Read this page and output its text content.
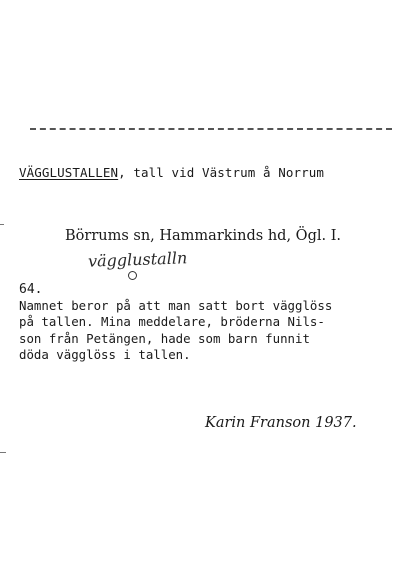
VÄGGLUSTALLEN, tall vid Västrum å Norrum
Börrums sn, Hammarkinds hd, Ögl. I.
vägglustalln
64.
Namnet beror på att man satt bort vägglöss
på tallen. Mina meddelare, bröderna Nils-
son från Petängen, hade som barn funnit
döda vägglöss i tallen.
Karin Franson 1937.
